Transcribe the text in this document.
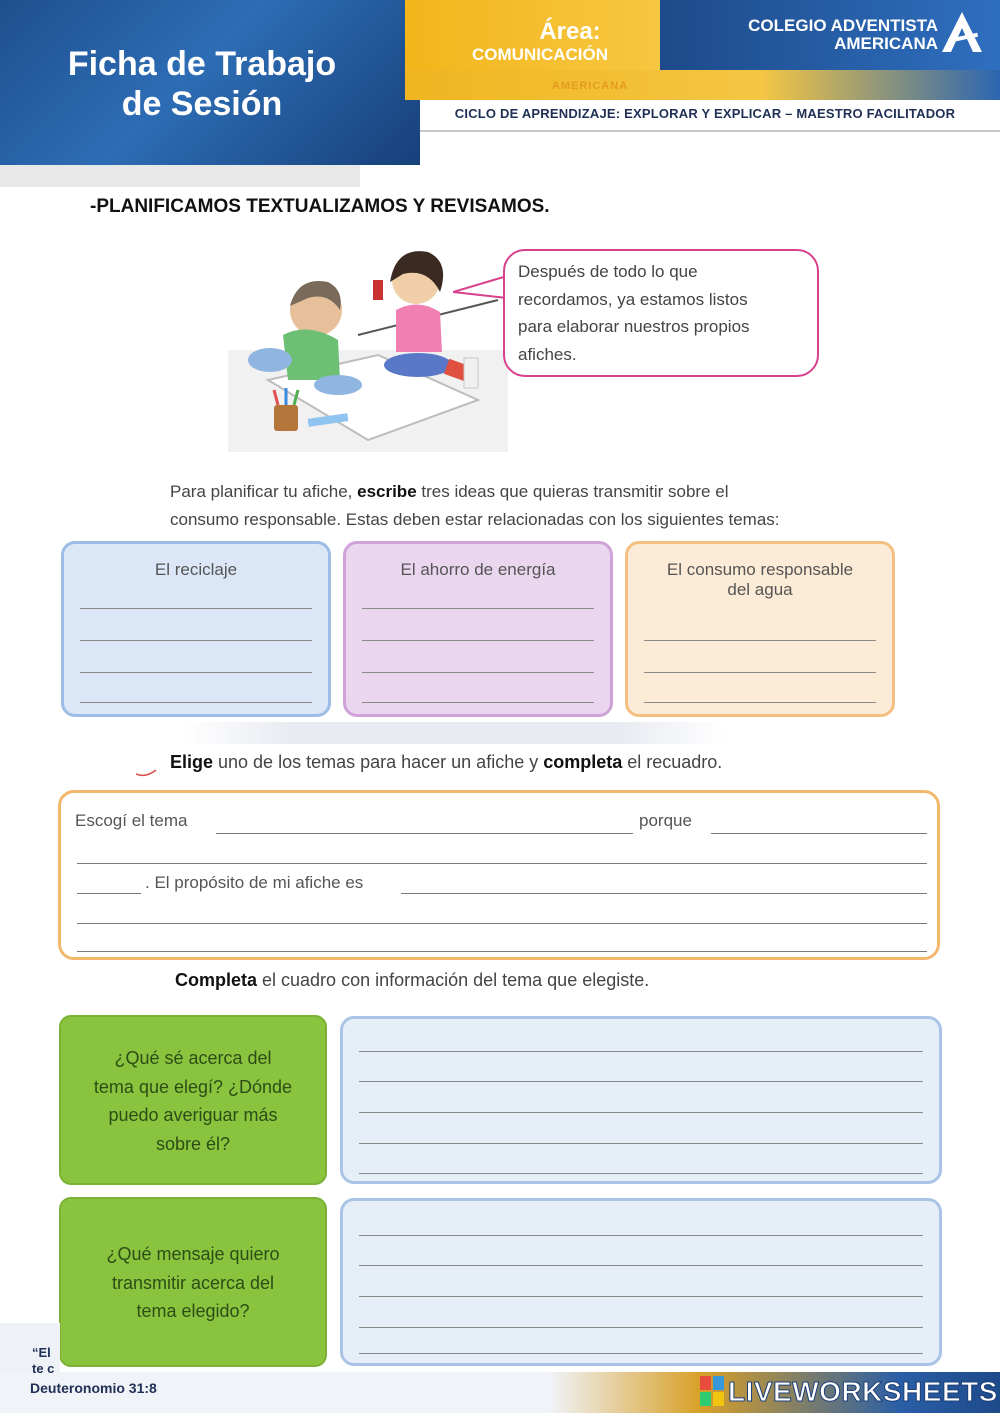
Ficha de Trabajo
de Sesión
Área:
COMUNICACIÓN
AMERICANA
COLEGIO ADVENTISTA
AMERICANA
CICLO DE APRENDIZAJE: EXPLORAR Y EXPLICAR – MAESTRO FACILITADOR
-PLANIFICAMOS TEXTUALIZAMOS Y REVISAMOS.
Después de todo lo que
recordamos, ya estamos listos
para elaborar nuestros propios
afiches.
Para planificar tu afiche, escribe tres ideas que quieras transmitir sobre el
consumo responsable. Estas deben estar relacionadas con los siguientes temas:
El reciclaje	El ahorro de energía	El consumo responsable
del agua
Elige uno de los temas para hacer un afiche y completa el recuadro.
Escogí el tema	porque
. El propósito de mi afiche es
Completa el cuadro con información del tema que elegiste.
¿Qué sé acerca del
tema que elegí? ¿Dónde
puedo averiguar más
sobre él?
¿Qué mensaje quiero
transmitir acerca del
tema elegido?
“El
te c
Deuteronomio 31:8	LIVEWORKSHEETS
